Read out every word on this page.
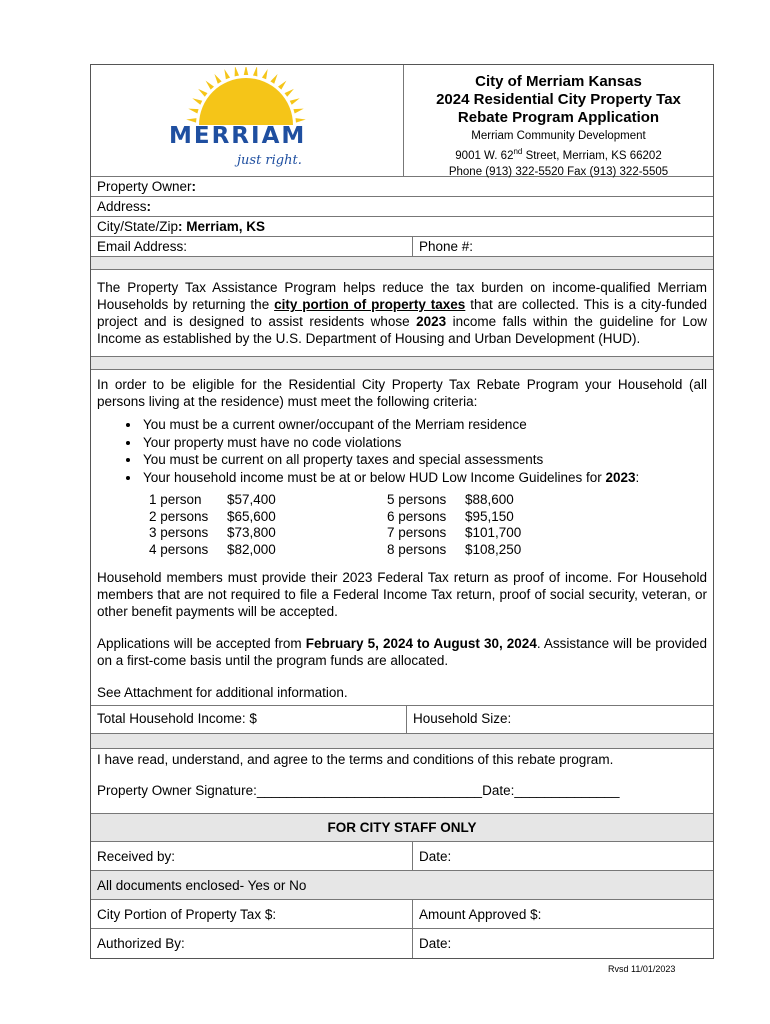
MERRIAM
just right.
City of Merriam Kansas
2024 Residential City Property Tax
Rebate Program Application
Merriam Community Development
9001 W. 62nd Street, Merriam, KS 66202
Phone (913) 322-5520 Fax (913) 322-5505
Property Owner:
Address:
City/State/Zip: Merriam, KS
Email Address:	Phone #:
The Property Tax Assistance Program helps reduce the tax burden on income-qualified Merriam Households by returning the city portion of property taxes that are collected. This is a city-funded project and is designed to assist residents whose 2023 income falls within the guideline for Low Income as established by the U.S. Department of Housing and Urban Development (HUD).
In order to be eligible for the Residential City Property Tax Rebate Program your Household (all persons living at the residence) must meet the following criteria:
• You must be a current owner/occupant of the Merriam residence
• Your property must have no code violations
• You must be current on all property taxes and special assessments
• Your household income must be at or below HUD Low Income Guidelines for 2023:
1 person	$57,400
2 persons	$65,600
3 persons	$73,800
4 persons	$82,000
5 persons	$88,600
6 persons	$95,150
7 persons	$101,700
8 persons	$108,250
Household members must provide their 2023 Federal Tax return as proof of income. For Household members that are not required to file a Federal Income Tax return, proof of social security, veteran, or other benefit payments will be accepted.
Applications will be accepted from February 5, 2024 to August 30, 2024. Assistance will be provided on a first-come basis until the program funds are allocated.
See Attachment for additional information.
Total Household Income: $	Household Size:
I have read, understand, and agree to the terms and conditions of this rebate program.
Property Owner Signature:______________________________Date:______________
FOR CITY STAFF ONLY
Received by:	Date:
All documents enclosed- Yes or No
City Portion of Property Tax $:	Amount Approved $:
Authorized By:	Date:
Rvsd 11/01/2023
